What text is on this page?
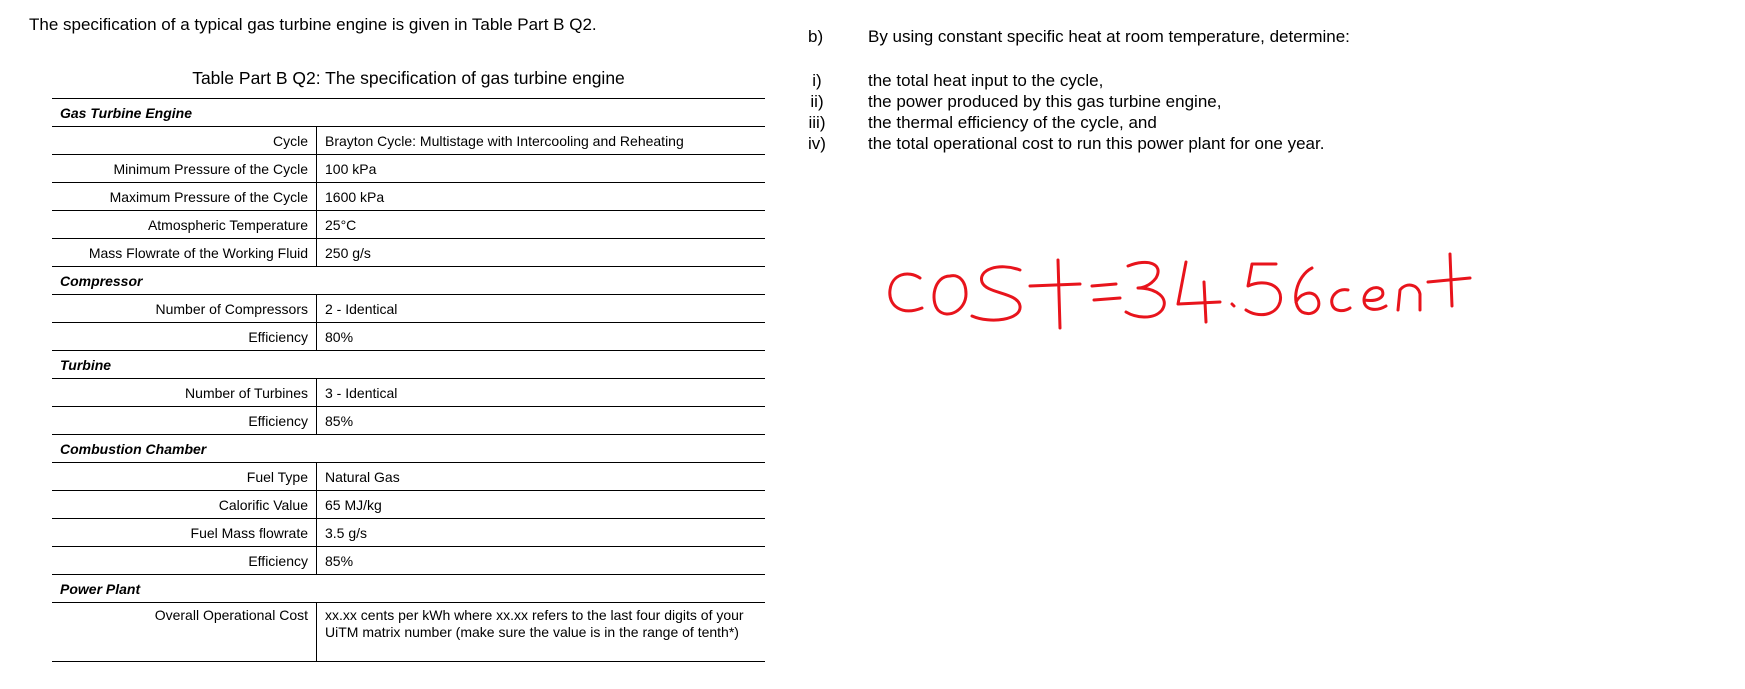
The specification of a typical gas turbine engine is given in Table Part B Q2.
Table Part B Q2: The specification of gas turbine engine
Gas Turbine Engine	
Cycle	Brayton Cycle: Multistage with Intercooling and Reheating
Minimum Pressure of the Cycle	100 kPa
Maximum Pressure of the Cycle	1600 kPa
Atmospheric Temperature	25°C
Mass Flowrate of the Working Fluid	250 g/s
Compressor	
Number of Compressors	2 - Identical
Efficiency	80%
Turbine	
Number of Turbines	3 - Identical
Efficiency	85%
Combustion Chamber	
Fuel Type	Natural Gas
Calorific Value	65 MJ/kg
Fuel Mass flowrate	3.5 g/s
Efficiency	85%
Power Plant	
Overall Operational Cost	xx.xx cents per kWh where xx.xx refers to the last four digits of your UiTM matrix number (make sure the value is in the range of tenth*)
b)	By using constant specific heat at room temperature, determine:
i)	the total heat input to the cycle,
ii)	the power produced by this gas turbine engine,
iii)	the thermal efficiency of the cycle, and
iv)	the total operational cost to run this power plant for one year.
